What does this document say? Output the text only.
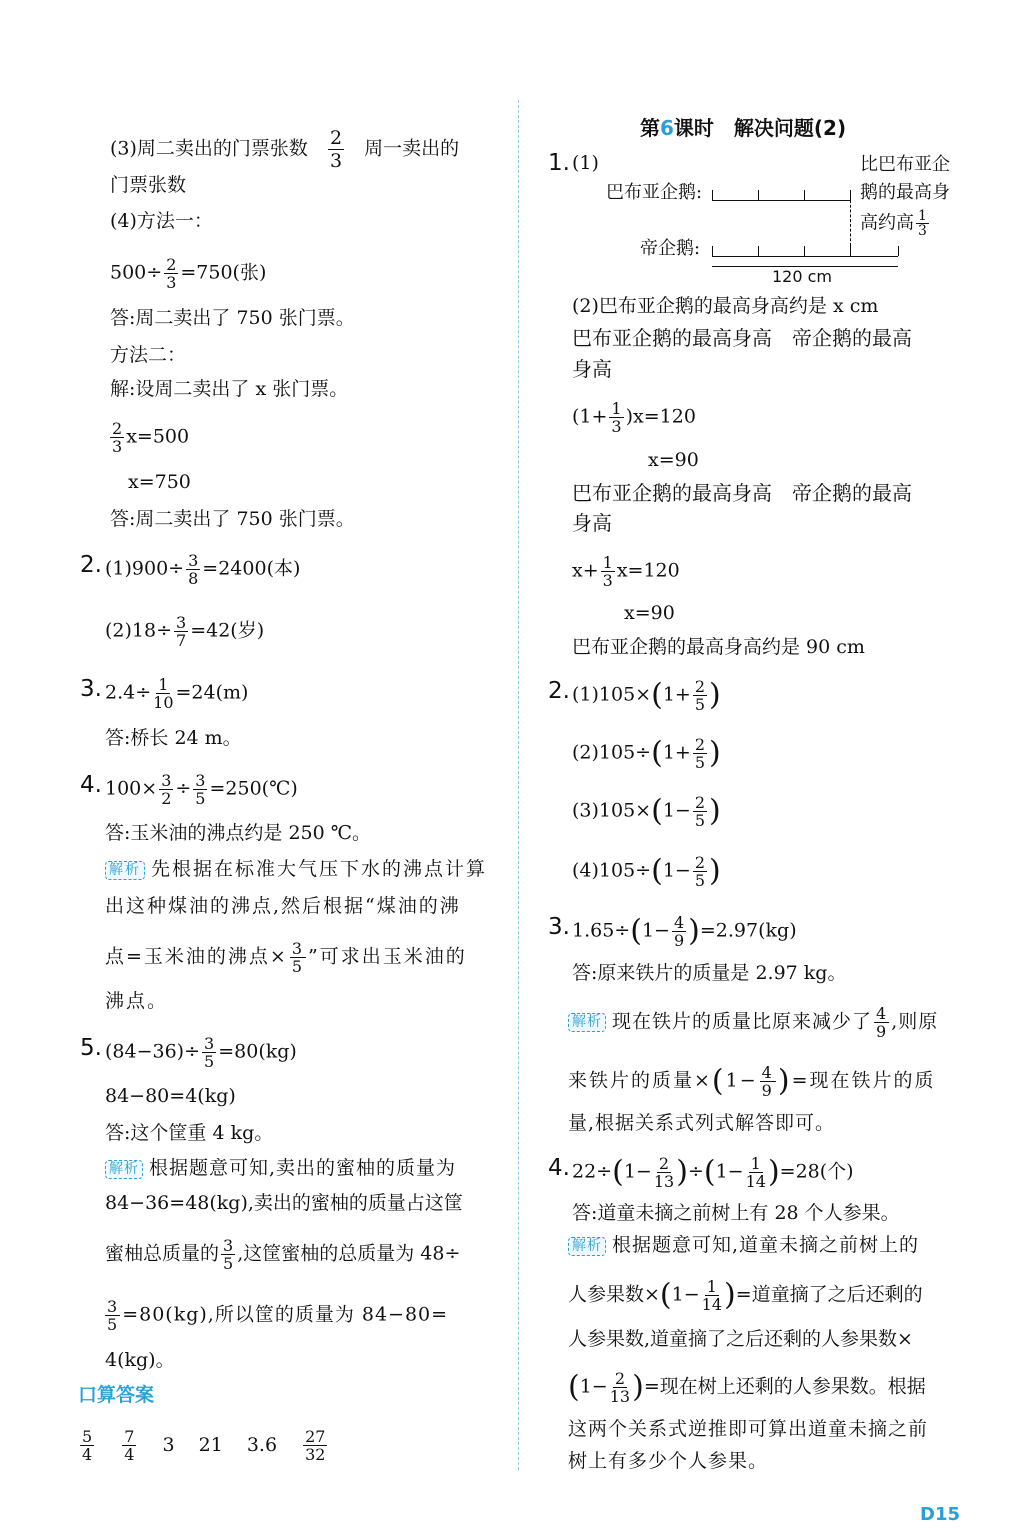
(3)周二卖出的门票张数 $\frac{2}{3}$ 周一卖出的
门票张数
(4)方法一：
$500\div \frac{2}{3} =750$(张)
答:周二卖出了 750 张门票。
方法二：
解:设周二卖出了 x 张门票。
$\frac{2}{3} x=500$
x=750
答:周二卖出了 750 张门票。
2. $(1)900\div \frac{3}{8} =2400$(本)
$(2)18\div \frac{3}{7} =42$(岁)
3. $2.4\div \frac{1}{10} =24(m)$
答:桥长 24 m。
4. $100\times \frac{3}{2} \div \frac{3}{5}$ =250(℃)
答:玉米油的沸点约是 250 ℃。
解析 先根据在标准大气压下水的沸点计算
出这种煤油的沸点,然后根据“煤油的沸
点=玉米油的沸点× $\frac{3}{5}$ ”可求出玉米油的
沸点。
5. $(84-36)\div \frac{3}{5} =80(kg)$
84−80=4(kg)
答:这个筐重 4 kg。
解析 根据题意可知,卖出的蜜柚的质量为
84−36=48(kg),卖出的蜜柚的质量占这筐
蜜柚总质量的 $\frac{3}{5}$ ,这筐蜜柚的总质量为 48÷
$\frac{3}{5} =80(kg)$,所以筐的质量为 84−80=
4(kg)。
口算答案
$\frac{5}{4}$
$\frac{7}{4} 3$ 21 $3.6 \frac{27}{32}$
第6课时　解决问题(2)
1. (1)
巴布亚企鹅:
帝企鹅:
120 cm
比巴布亚企
鹅的最高身
高约高 $\frac{1}{3}$
(2)巴布亚企鹅的最高身高约是 x cm
巴布亚企鹅的最高身高　帝企鹅的最高
身高
$(1+ \frac{1}{3} )x=120$
x=90
巴布亚企鹅的最高身高　帝企鹅的最高
身高
$x+ \frac{1}{3} x=120$
x=90
巴布亚企鹅的最高身高约是 90 cm
2. $(1)105\times(1+ \frac{2}{5}$ )
$(2)105\div(1+ \frac{2}{5}$ )
$(3)105\times(1- \frac{2}{5}$ )
$(4)105\div(1- \frac{2}{5}$ )
3. $1.65\div(1- \frac{4}{9} )=2.97(kg)$
答:原来铁片的质量是 2.97 kg。
解析 现在铁片的质量比原来减少了 $\frac{4}{9}$ ,则原
来铁片的质量$\times(1- \frac{4}{9}$ )=现在铁片的质
量,根据关系式列式解答即可。
4. $22\div(1- \frac{2}{13} )\div(1- \frac{1}{14} )=28$(个)
答:道童未摘之前树上有 28 个人参果。
解析 根据题意可知,道童未摘之前树上的
人参果数$\times(1- \frac{1}{14}$ )=道童摘了之后还剩的
人参果数,道童摘了之后还剩的人参果数×
($1- \frac{2}{13}$ )=现在树上还剩的人参果数。根据
这两个关系式逆推即可算出道童未摘之前
树上有多少个人参果。
D15
